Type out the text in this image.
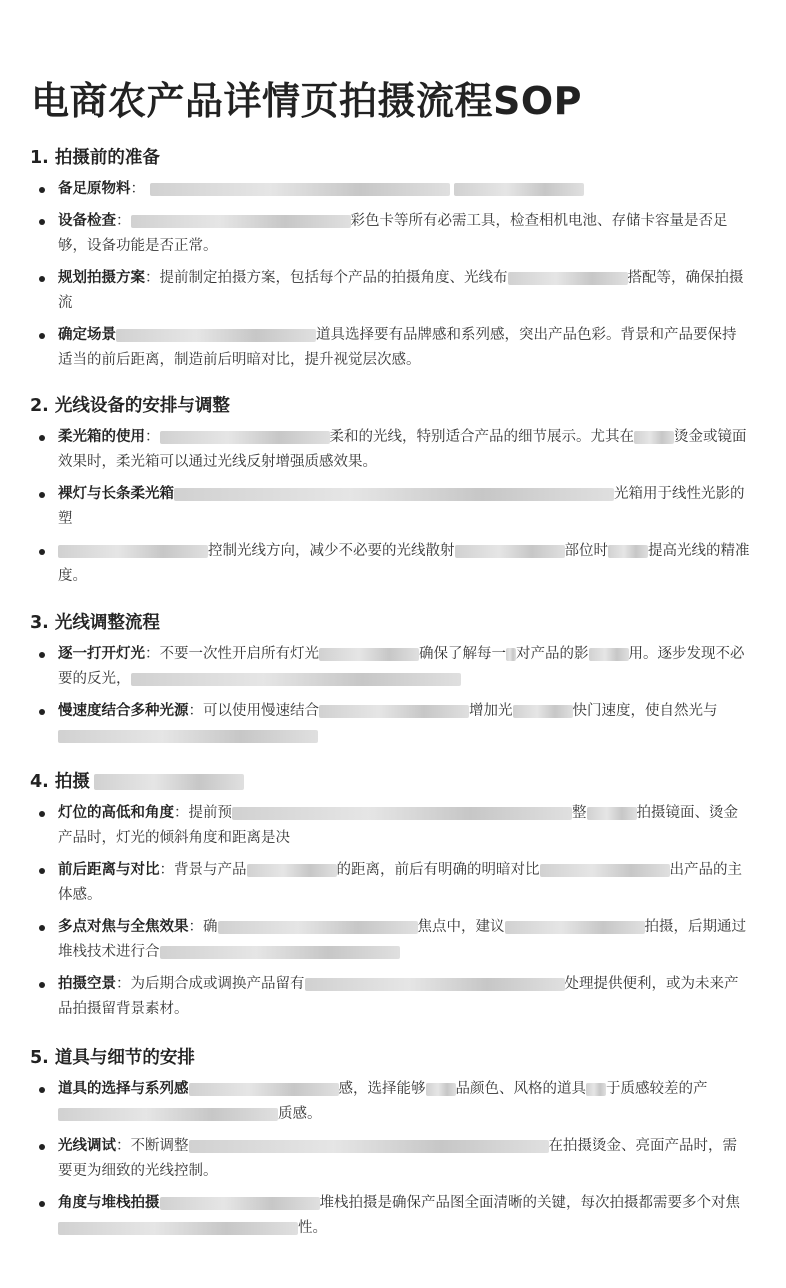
电商农产品详情页拍摄流程SOP
1. 拍摄前的准备
备足原物料：
设备检查：	彩色卡等所有必需工具，检查相机电池、存储卡容量是否足够，设备功能是否正常。
规划拍摄方案：提前制定拍摄方案，包括每个产品的拍摄角度、光线布	搭配等，确保拍摄流
确定场景	道具选择要有品牌感和系列感，突出产品色彩。背景和产品要保持适当的前后距离，制造前后明暗对比，提升视觉层次感。
2. 光线设备的安排与调整
柔光箱的使用：	柔和的光线，特别适合产品的细节展示。尤其在	烫金或镜面效果时，柔光箱可以通过光线反射增强质感效果。
裸灯与长条柔光箱	光箱用于线性光影的塑
控制光线方向，减少不必要的光线散射	部位时	提高光线的精准度。
3. 光线调整流程
逐一打开灯光：不要一次性开启所有灯光	确保了解每一 对产品的影	用。逐步发现不必要的反光，
慢速度结合多种光源：可以使用慢速结合	增加光	快门速度，使自然光与
4. 拍摄
灯位的高低和角度：提前预	整	拍摄镜面、烫金产品时，灯光的倾斜角度和距离是决
前后距离与对比：背景与产品	的距离，前后有明确的明暗对比	出产品的主体感。
多点对焦与全焦效果：确	焦点中，建议	拍摄，后期通过堆栈技术进行合
拍摄空景：为后期合成或调换产品留有	处理提供便利，或为未来产品拍摄留背景素材。
5. 道具与细节的安排
道具的选择与系列感	感，选择能够 品颜色、风格的道具 于质感较差的产质感。
光线调试：不断调整	在拍摄烫金、亮面产品时，需要更为细致的光线控制。
角度与堆栈拍摄	堆栈拍摄是确保产品图全面清晰的关键，每次拍摄都需要多个对焦性。
